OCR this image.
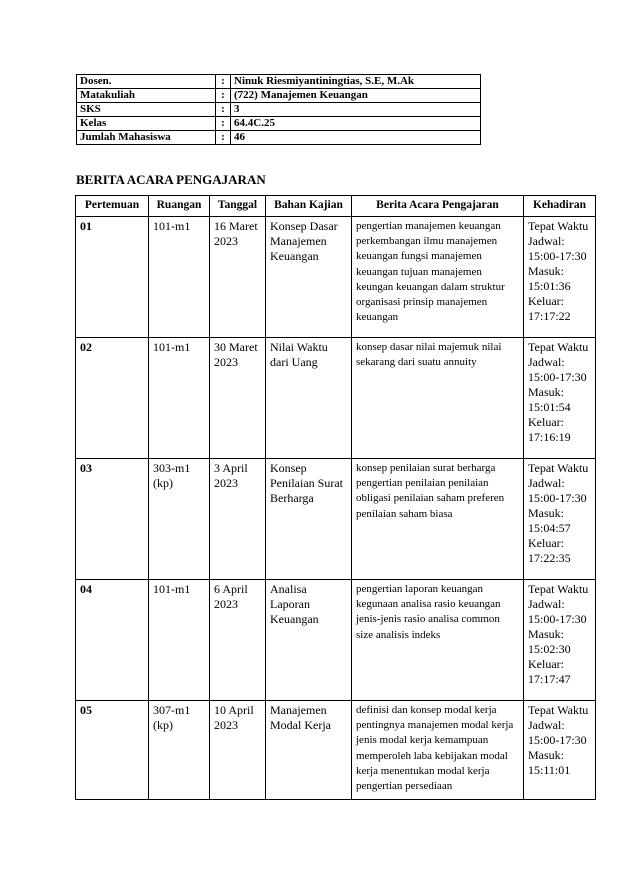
Dosen.	:	Ninuk Riesmiyantiningtias, S.E, M.Ak
Matakuliah	:	(722) Manajemen Keuangan
SKS	:	3
Kelas	:	64.4C.25
Jumlah Mahasiswa	:	46
BERITA ACARA PENGAJARAN
Pertemuan	Ruangan	Tanggal	Bahan Kajian	Berita Acara Pengajaran	Kehadiran
01	101-m1	16 Maret 2023	Konsep Dasar Manajemen Keuangan	pengertian manajemen keuangan perkembangan ilmu manajemen keuangan fungsi manajemen keuangan tujuan manajemen keungan keuangan dalam struktur organisasi prinsip manajemen keuangan	Tepat Waktu Jadwal: 15:00-17:30 Masuk: 15:01:36 Keluar: 17:17:22
02	101-m1	30 Maret 2023	Nilai Waktu dari Uang	konsep dasar nilai majemuk nilai sekarang dari suatu annuity	Tepat Waktu Jadwal: 15:00-17:30 Masuk: 15:01:54 Keluar: 17:16:19
03	303-m1 (kp)	3 April 2023	Konsep Penilaian Surat Berharga	konsep penilaian surat berharga pengertian penilaian penilaian obligasi penilaian saham preferen penilaian saham biasa	Tepat Waktu Jadwal: 15:00-17:30 Masuk: 15:04:57 Keluar: 17:22:35
04	101-m1	6 April 2023	Analisa Laporan Keuangan	pengertian laporan keuangan kegunaan analisa rasio keuangan jenis-jenis rasio analisa common size analisis indeks	Tepat Waktu Jadwal: 15:00-17:30 Masuk: 15:02:30 Keluar: 17:17:47
05	307-m1 (kp)	10 April 2023	Manajemen Modal Kerja	definisi dan konsep modal kerja pentingnya manajemen modal kerja jenis modal kerja kemampuan memperoleh laba kebijakan modal kerja menentukan modal kerja pengertian persediaan	Tepat Waktu Jadwal: 15:00-17:30 Masuk: 15:11:01
